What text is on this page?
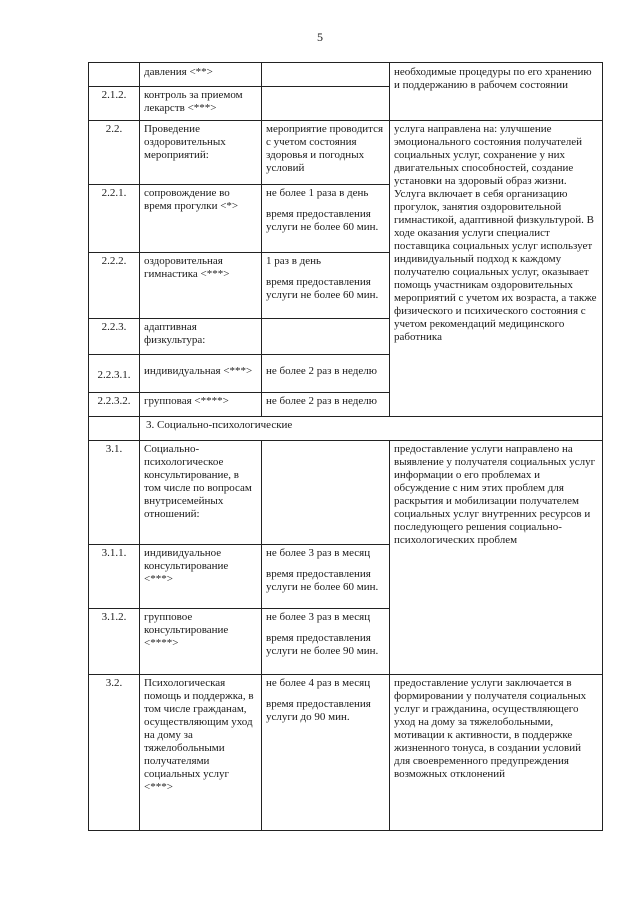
5
	давления <**>		необходимые процедуры по его хранению и поддержанию в рабочем состоянии	
2.1.2.	контроль за приемом лекарств <***>			
2.2.	Проведение оздоровительных мероприятий:	мероприятие проводится с учетом состояния здоровья и погодных условий	услуга направлена на: улучшение эмоционального состояния получателей социальных услуг, сохранение у них двигательных способностей, создание установки на здоровый образ жизни. Услуга включает в себя организацию прогулок, занятия оздоровительной гимнастикой, адаптивной физкультурой. В ходе оказания услуги специалист поставщика социальных услуг использует индивидуальный подход к каждому получателю социальных услуг, оказывает помощь участникам оздоровительных мероприятий с учетом их возраста, а также физического и психического состояния с учетом рекомендаций медицинского работника	
2.2.1.	сопровождение во время прогулки <*>	не более 1 раза в день
время предоставления услуги не более 60 мин.		
2.2.2.	оздоровительная гимнастика <***>	1 раз в день
время предоставления услуги не более 60 мин.		
2.2.3.	адаптивная физкультура:			
2.2.3.1.	индивидуальная <***>	не более 2 раз в неделю		
2.2.3.2.	групповая <****>	не более 2 раз в неделю		
	3. Социально-психологические			
3.1.	Социально-психологическое консультирование, в том числе по вопросам внутрисемейных отношений:		предоставление услуги направлено на выявление у получателя социальных услуг информации о его проблемах и обсуждение с ним этих проблем для раскрытия и мобилизации получателем социальных услуг внутренних ресурсов и последующего решения социально-психологических проблем	
3.1.1.	индивидуальное консультирование <***>	не более 3 раз в месяц
время предоставления услуги не более 60 мин.		
3.1.2.	групповое консультирование <****>	не более 3 раз в месяц
время предоставления услуги не более 90 мин.		
3.2.	Психологическая помощь и поддержка, в том числе гражданам, осуществляющим уход на дому за тяжелобольными получателями социальных услуг <***>	не более 4 раз в месяц
время предоставления услуги до 90 мин.	предоставление услуги заключается в формировании у получателя социальных услуг и гражданина, осуществляющего уход на дому за тяжелобольными, мотивации к активности, в поддержке жизненного тонуса, в создании условий для своевременного предупреждения возможных отклонений	
